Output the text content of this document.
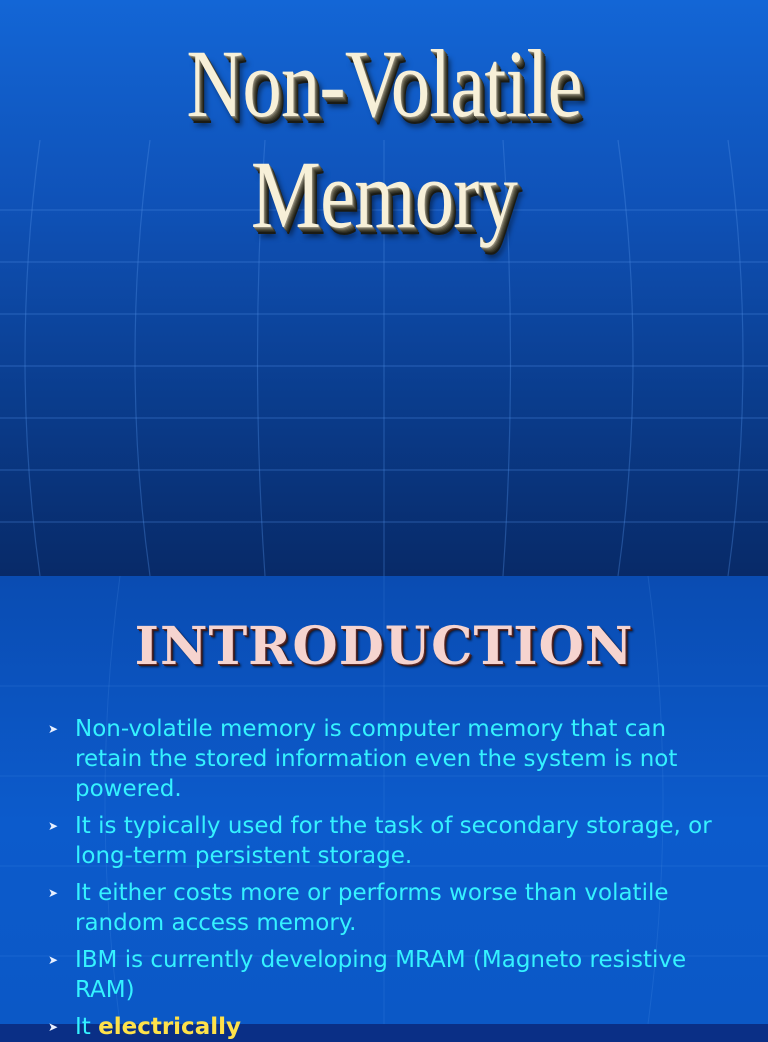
Non-Volatile Memory
INTRODUCTION
➤ Non-volatile memory is computer memory that can retain the stored information even the system is not powered.
➤ It is typically used for the task of secondary storage, or long-term persistent storage.
➤ It either costs more or performs worse than volatile random access memory.
➤ IBM is currently developing MRAM (Magneto resistive RAM)
➤ It electrically
